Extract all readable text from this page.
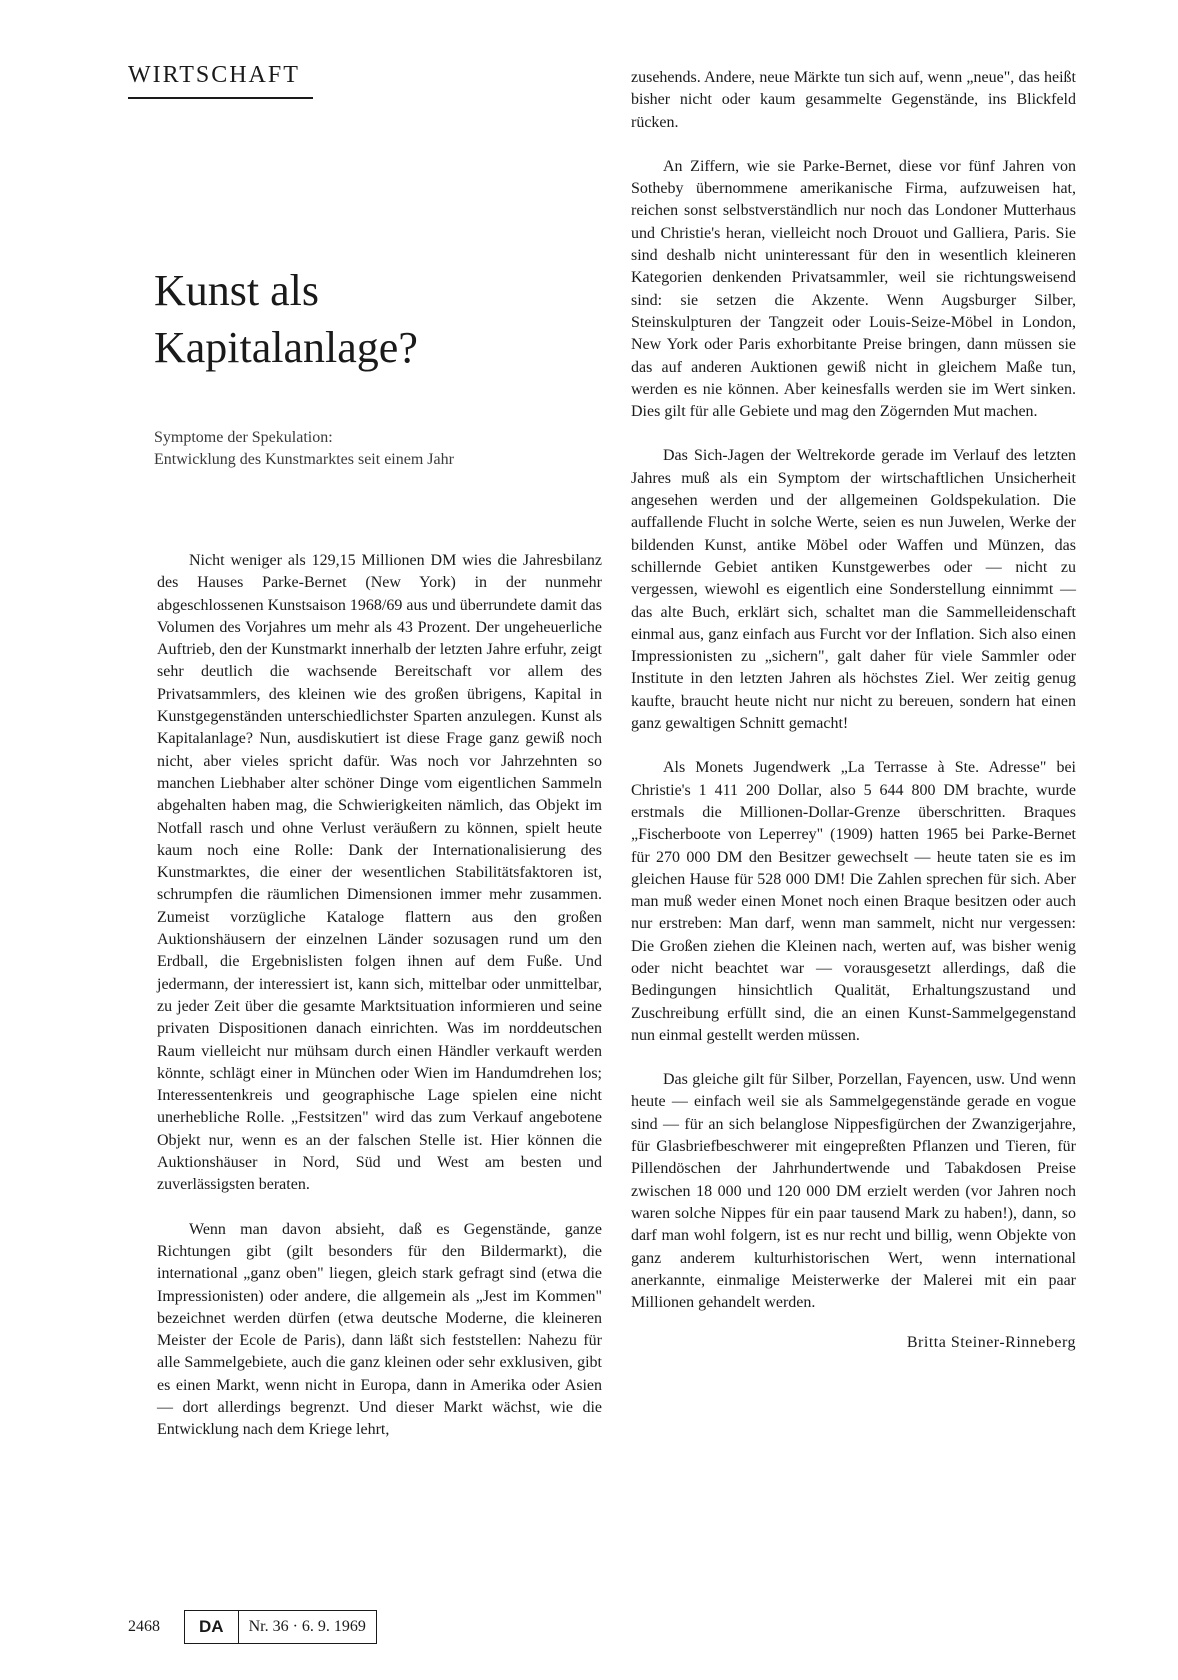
WIRTSCHAFT
Kunst als
Kapitalanlage?
Symptome der Spekulation:
Entwicklung des Kunstmarktes seit einem Jahr

Nicht weniger als 129,15 Millionen DM wies die Jahresbilanz des Hauses Parke-Bernet (New York) in der nunmehr abgeschlossenen Kunstsaison 1968/69 aus und überrundete damit das Volumen des Vorjahres um mehr als 43 Prozent. Der ungeheuerliche Auftrieb, den der Kunstmarkt innerhalb der letzten Jahre erfuhr, zeigt sehr deutlich die wachsende Bereitschaft vor allem des Privatsammlers, des kleinen wie des großen übrigens, Kapital in Kunstgegenständen unterschiedlichster Sparten anzulegen. Kunst als Kapitalanlage? Nun, ausdiskutiert ist diese Frage ganz gewiß noch nicht, aber vieles spricht dafür. Was noch vor Jahrzehnten so manchen Liebhaber alter schöner Dinge vom eigentlichen Sammeln abgehalten haben mag, die Schwierigkeiten nämlich, das Objekt im Notfall rasch und ohne Verlust veräußern zu können, spielt heute kaum noch eine Rolle: Dank der Internationalisierung des Kunstmarktes, die einer der wesentlichen Stabilitätsfaktoren ist, schrumpfen die räumlichen Dimensionen immer mehr zusammen. Zumeist vorzügliche Kataloge flattern aus den großen Auktionshäusern der einzelnen Länder sozusagen rund um den Erdball, die Ergebnislisten folgen ihnen auf dem Fuße. Und jedermann, der interessiert ist, kann sich, mittelbar oder unmittelbar, zu jeder Zeit über die gesamte Marktsituation informieren und seine privaten Dispositionen danach einrichten. Was im norddeutschen Raum vielleicht nur mühsam durch einen Händler verkauft werden könnte, schlägt einer in München oder Wien im Handumdrehen los; Interessentenkreis und geographische Lage spielen eine nicht unerhebliche Rolle. „Festsitzen" wird das zum Verkauf angebotene Objekt nur, wenn es an der falschen Stelle ist. Hier können die Auktionshäuser in Nord, Süd und West am besten und zuverlässigsten beraten.

Wenn man davon absieht, daß es Gegenstände, ganze Richtungen gibt (gilt besonders für den Bildermarkt), die international „ganz oben" liegen, gleich stark gefragt sind (etwa die Impressionisten) oder andere, die allgemein als „Jest im Kommen" bezeichnet werden dürfen (etwa deutsche Moderne, die kleineren Meister der Ecole de Paris), dann läßt sich feststellen: Nahezu für alle Sammelgebiete, auch die ganz kleinen oder sehr exklusiven, gibt es einen Markt, wenn nicht in Europa, dann in Amerika oder Asien — dort allerdings begrenzt. Und dieser Markt wächst, wie die Entwicklung nach dem Kriege lehrt,

zusehends. Andere, neue Märkte tun sich auf, wenn „neue", das heißt bisher nicht oder kaum gesammelte Gegenstände, ins Blickfeld rücken.

An Ziffern, wie sie Parke-Bernet, diese vor fünf Jahren von Sotheby übernommene amerikanische Firma, aufzuweisen hat, reichen sonst selbstverständlich nur noch das Londoner Mutterhaus und Christie's heran, vielleicht noch Drouot und Galliera, Paris. Sie sind deshalb nicht uninteressant für den in wesentlich kleineren Kategorien denkenden Privatsammler, weil sie richtungsweisend sind: sie setzen die Akzente. Wenn Augsburger Silber, Steinskulpturen der Tangzeit oder Louis-Seize-Möbel in London, New York oder Paris exhorbitante Preise bringen, dann müssen sie das auf anderen Auktionen gewiß nicht in gleichem Maße tun, werden es nie können. Aber keinesfalls werden sie im Wert sinken. Dies gilt für alle Gebiete und mag den Zögernden Mut machen.

Das Sich-Jagen der Weltrekorde gerade im Verlauf des letzten Jahres muß als ein Symptom der wirtschaftlichen Unsicherheit angesehen werden und der allgemeinen Goldspekulation. Die auffallende Flucht in solche Werte, seien es nun Juwelen, Werke der bildenden Kunst, antike Möbel oder Waffen und Münzen, das schillernde Gebiet antiken Kunstgewerbes oder — nicht zu vergessen, wiewohl es eigentlich eine Sonderstellung einnimmt — das alte Buch, erklärt sich, schaltet man die Sammelleidenschaft einmal aus, ganz einfach aus Furcht vor der Inflation. Sich also einen Impressionisten zu „sichern", galt daher für viele Sammler oder Institute in den letzten Jahren als höchstes Ziel. Wer zeitig genug kaufte, braucht heute nicht nur nicht zu bereuen, sondern hat einen ganz gewaltigen Schnitt gemacht!

Als Monets Jugendwerk „La Terrasse à Ste. Adresse" bei Christie's 1 411 200 Dollar, also 5 644 800 DM brachte, wurde erstmals die Millionen-Dollar-Grenze überschritten. Braques „Fischerboote von Leperrey" (1909) hatten 1965 bei Parke-Bernet für 270 000 DM den Besitzer gewechselt — heute taten sie es im gleichen Hause für 528 000 DM! Die Zahlen sprechen für sich. Aber man muß weder einen Monet noch einen Braque besitzen oder auch nur erstreben: Man darf, wenn man sammelt, nicht nur vergessen: Die Großen ziehen die Kleinen nach, werten auf, was bisher wenig oder nicht beachtet war — vorausgesetzt allerdings, daß die Bedingungen hinsichtlich Qualität, Erhaltungszustand und Zuschreibung erfüllt sind, die an einen Kunst-Sammelgegenstand nun einmal gestellt werden müssen.

Das gleiche gilt für Silber, Porzellan, Fayencen, usw. Und wenn heute — einfach weil sie als Sammelgegenstände gerade en vogue sind — für an sich belanglose Nippesfigürchen der Zwanzigerjahre, für Glasbriefbeschwerer mit eingepreßten Pflanzen und Tieren, für Pillendöschen der Jahrhundertwende und Tabakdosen Preise zwischen 18 000 und 120 000 DM erzielt werden (vor Jahren noch waren solche Nippes für ein paar tausend Mark zu haben!), dann, so darf man wohl folgern, ist es nur recht und billig, wenn Objekte von ganz anderem kulturhistorischen Wert, wenn international anerkannte, einmalige Meisterwerke der Malerei mit ein paar Millionen gehandelt werden.

Britta Steiner-Rinneberg
2468	DA	Nr. 36 · 6. 9. 1969
